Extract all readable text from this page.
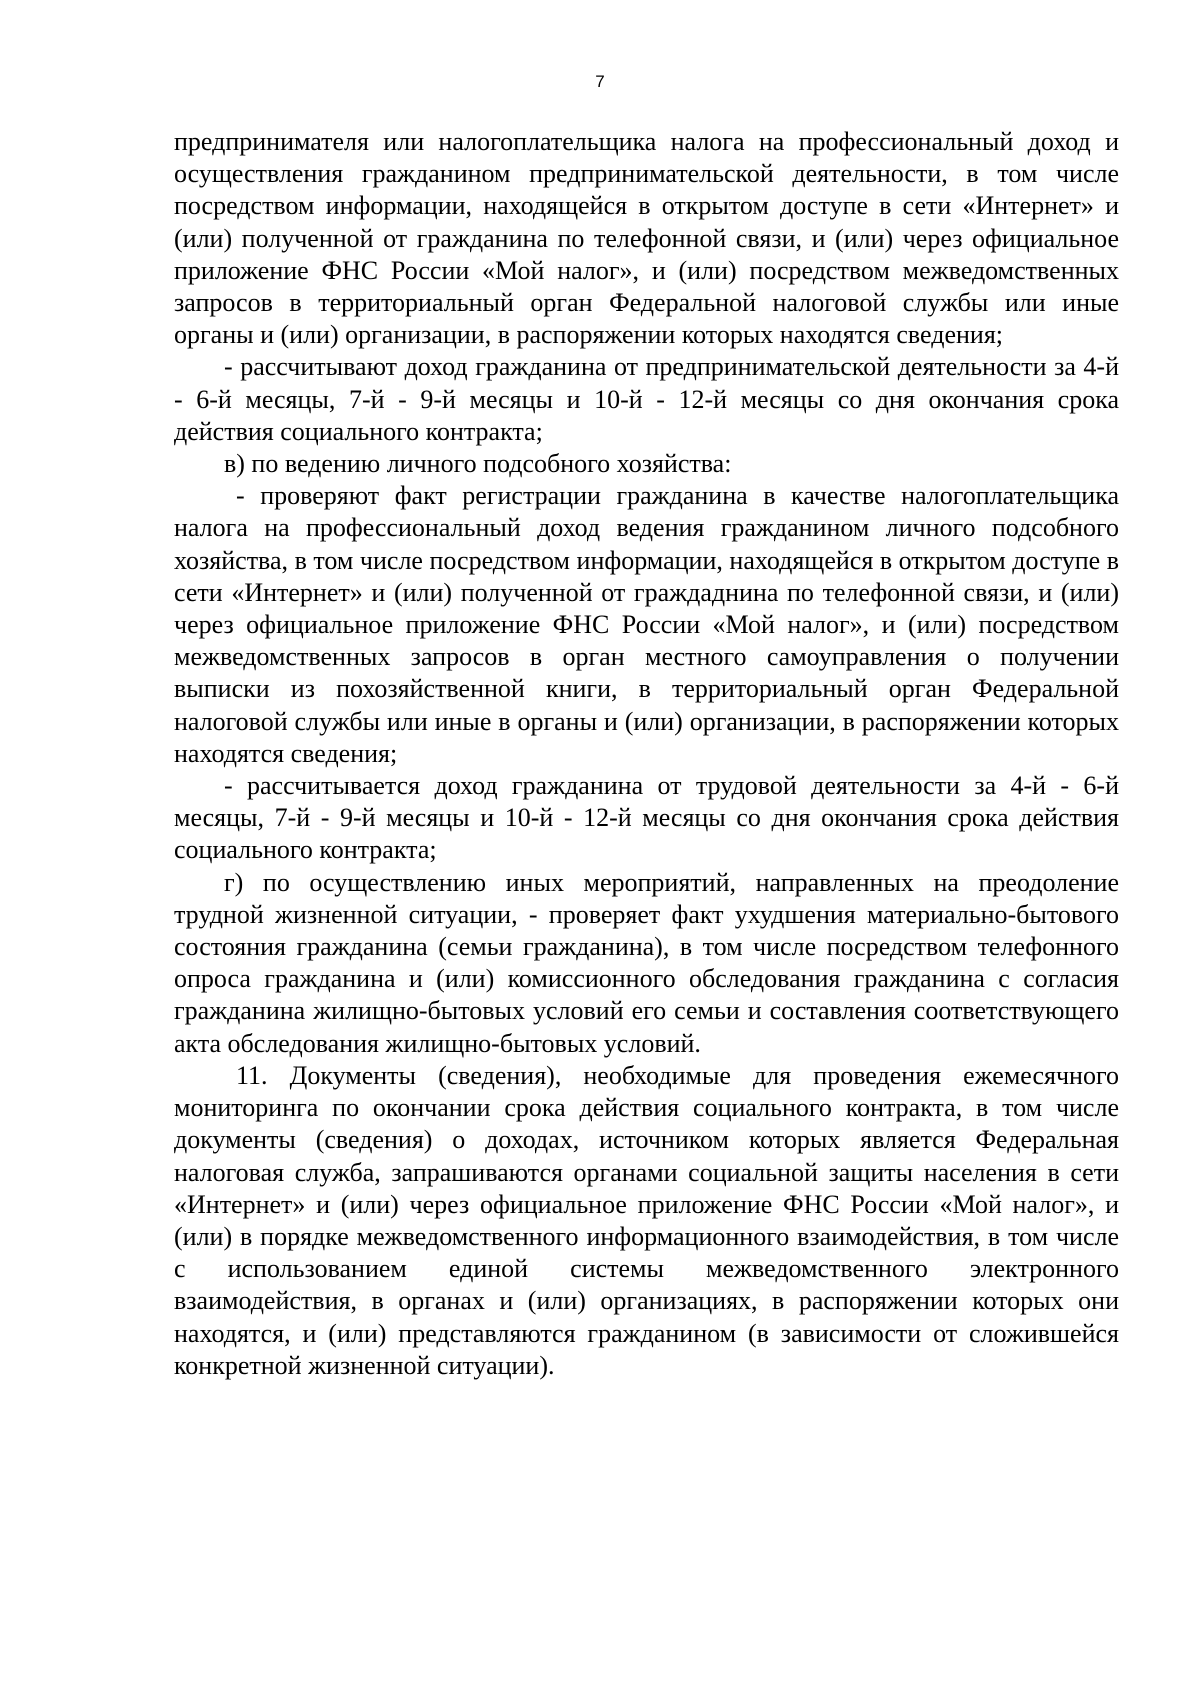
7

предпринимателя или налогоплательщика налога на профессиональный доход и осуществления гражданином предпринимательской деятельности, в том числе посредством информации, находящейся в открытом доступе в сети «Интернет» и (или) полученной от гражданина по телефонной связи, и (или) через официальное приложение ФНС России «Мой налог», и (или) посредством межведомственных запросов в территориальный орган Федеральной налоговой службы или иные органы и (или) организации, в распоряжении которых находятся сведения;

- рассчитывают доход гражданина от предпринимательской деятельности за 4-й - 6-й месяцы, 7-й - 9-й месяцы и 10-й - 12-й месяцы со дня окончания срока действия социального контракта;

в) по ведению личного подсобного хозяйства:

- проверяют факт регистрации гражданина в качестве налогоплательщика налога на профессиональный доход ведения гражданином личного подсобного хозяйства, в том числе посредством информации, находящейся в открытом доступе в сети «Интернет» и (или) полученной от граждаднина по телефонной связи, и (или) через официальное приложение ФНС России «Мой налог», и (или) посредством межведомственных запросов в орган местного самоуправления о получении выписки из похозяйственной книги, в территориальный орган Федеральной налоговой службы или иные в органы и (или) организации, в распоряжении которых находятся сведения;

- рассчитывается доход гражданина от трудовой деятельности за 4-й - 6-й месяцы, 7-й - 9-й месяцы и 10-й - 12-й месяцы со дня окончания срока действия социального контракта;

г) по осуществлению иных мероприятий, направленных на преодоление трудной жизненной ситуации, - проверяет факт ухудшения материально-бытового состояния гражданина (семьи гражданина), в том числе посредством телефонного опроса гражданина и (или) комиссионного обследования гражданина с согласия гражданина жилищно-бытовых условий его семьи и составления соответствующего акта обследования жилищно-бытовых условий.

11. Документы (сведения), необходимые для проведения ежемесячного мониторинга по окончании срока действия социального контракта, в том числе документы (сведения) о доходах, источником которых является Федеральная налоговая служба, запрашиваются органами социальной защиты населения в сети «Интернет» и (или) через официальное приложение ФНС России «Мой налог», и (или) в порядке межведомственного информационного взаимодействия, в том числе с использованием единой системы межведомственного электронного взаимодействия, в органах и (или) организациях, в распоряжении которых они находятся, и (или) представляются гражданином (в зависимости от сложившейся конкретной жизненной ситуации).
